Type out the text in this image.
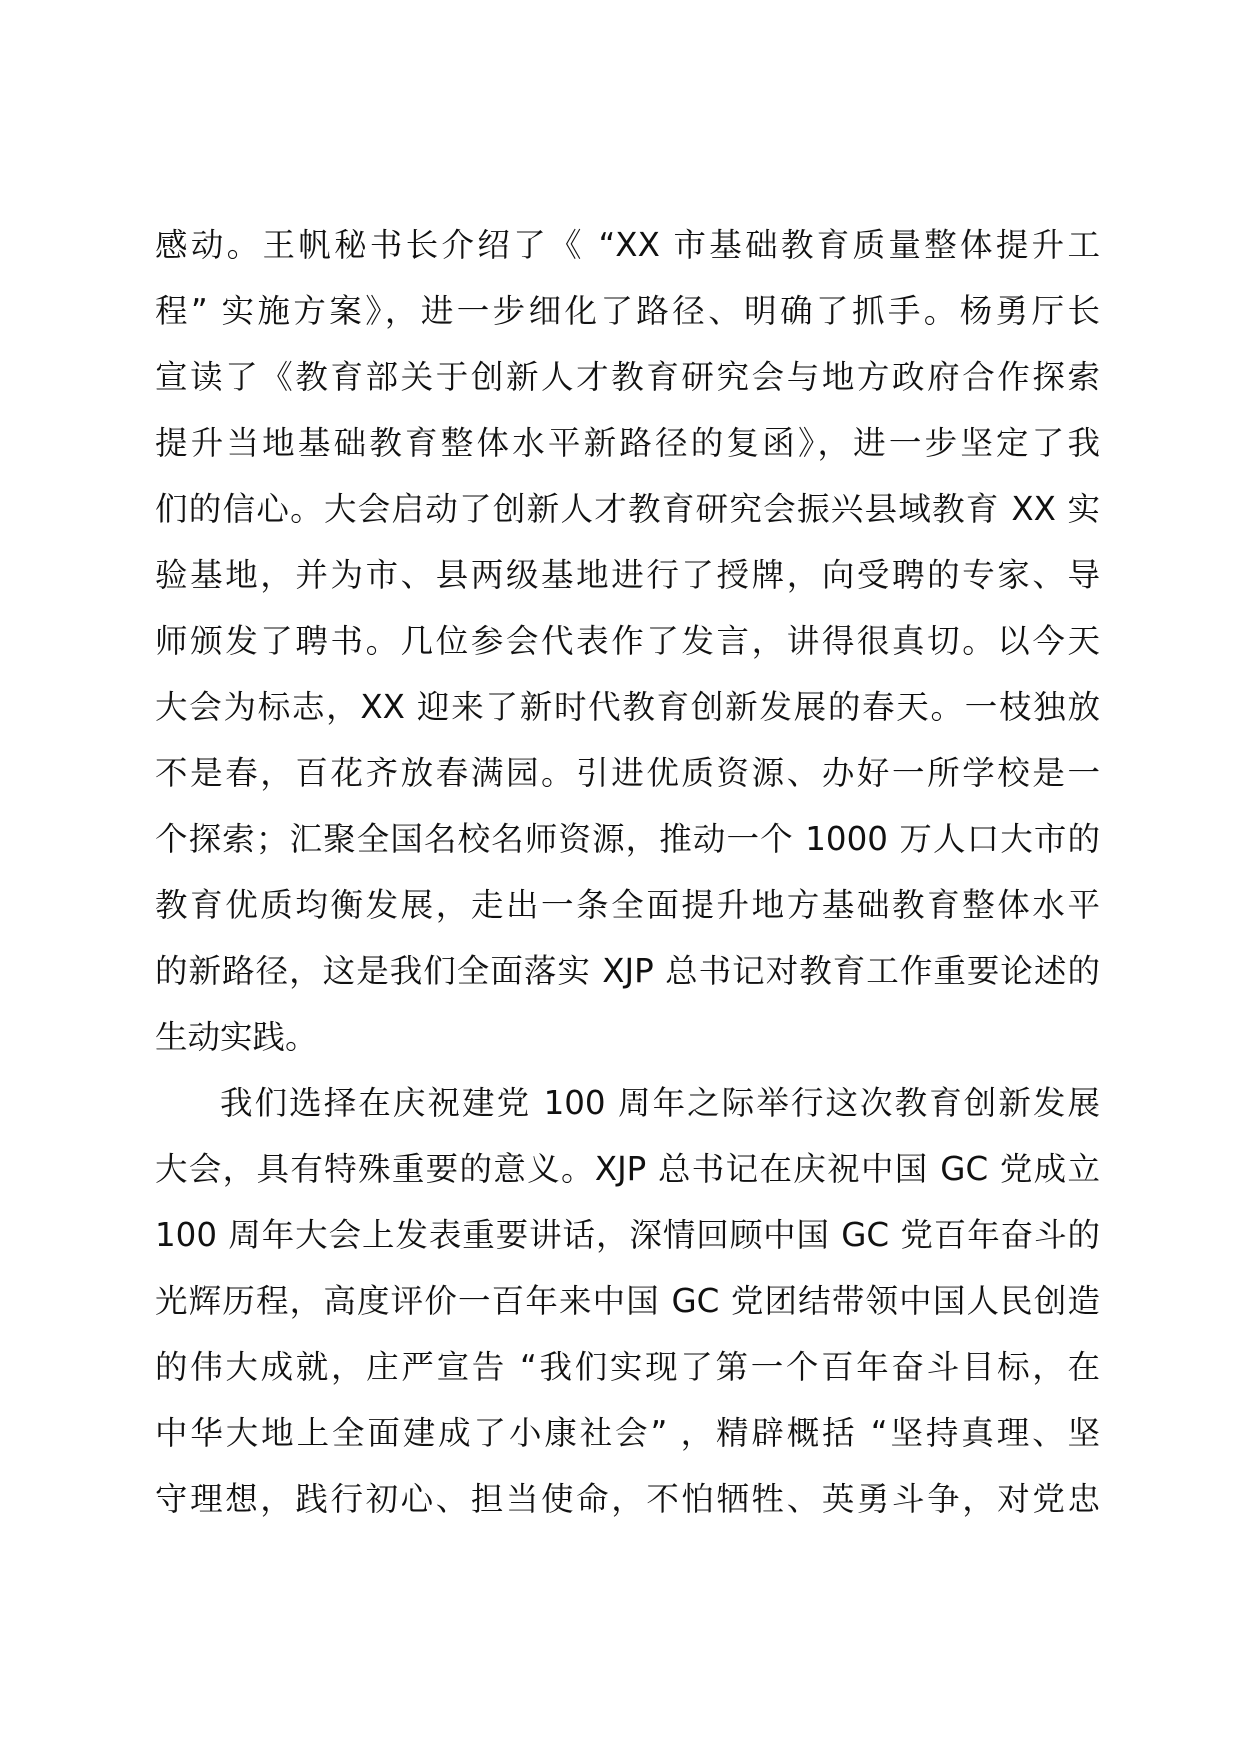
感动。王帆秘书长介绍了《 “XX 市基础教育质量整体提升工
程” 实施方案》，进一步细化了路径、明确了抓手。杨勇厅长
宣读了《教育部关于创新人才教育研究会与地方政府合作探索
提升当地基础教育整体水平新路径的复函》，进一步坚定了我
们的信心。大会启动了创新人才教育研究会振兴县域教育 XX 实
验基地，并为市、县两级基地进行了授牌，向受聘的专家、导
师颁发了聘书。几位参会代表作了发言，讲得很真切。以今天
大会为标志，XX 迎来了新时代教育创新发展的春天。一枝独放
不是春，百花齐放春满园。引进优质资源、办好一所学校是一
个探索；汇聚全国名校名师资源，推动一个 1000 万人口大市的
教育优质均衡发展，走出一条全面提升地方基础教育整体水平
的新路径，这是我们全面落实 XJP 总书记对教育工作重要论述的
生动实践。
我们选择在庆祝建党 100 周年之际举行这次教育创新发展
大会，具有特殊重要的意义。XJP 总书记在庆祝中国 GC 党成立
100 周年大会上发表重要讲话，深情回顾中国 GC 党百年奋斗的
光辉历程，高度评价一百年来中国 GC 党团结带领中国人民创造
的伟大成就，庄严宣告 “我们实现了第一个百年奋斗目标，在
中华大地上全面建成了小康社会” ，精辟概括 “坚持真理、坚
守理想，践行初心、担当使命，不怕牺牲、英勇斗争，对党忠
